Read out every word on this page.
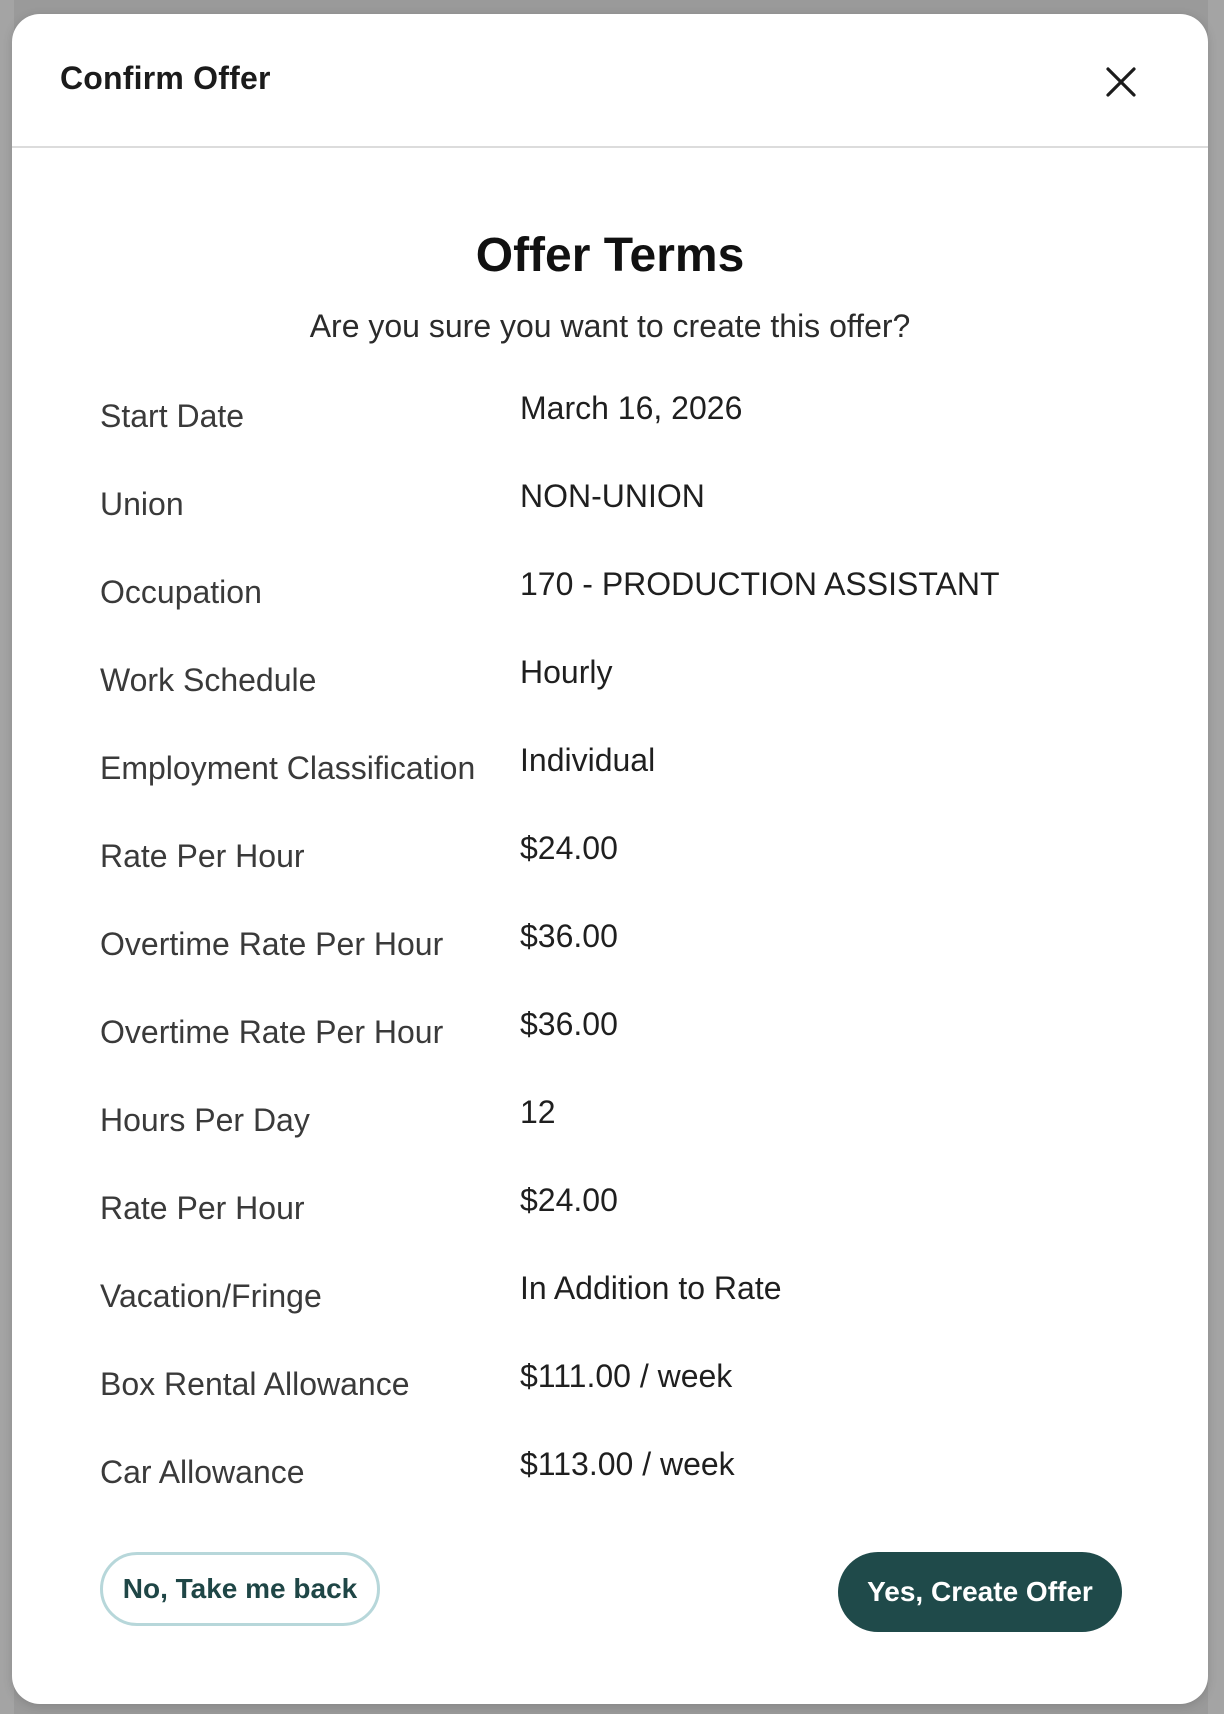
Confirm Offer
Offer Terms
Are you sure you want to create this offer?
Start Date	March 16, 2026
Union	NON-UNION
Occupation	170 - PRODUCTION ASSISTANT
Work Schedule	Hourly
Employment Classification Individual
Rate Per Hour	$24.00
Overtime Rate Per Hour $36.00
Overtime Rate Per Hour $36.00
Hours Per Day	12
Rate Per Hour	$24.00
Vacation/Fringe	In Addition to Rate
Box Rental Allowance	$111.00 / week
Car Allowance	$113.00 / week
No, Take me back	Yes, Create Offer
